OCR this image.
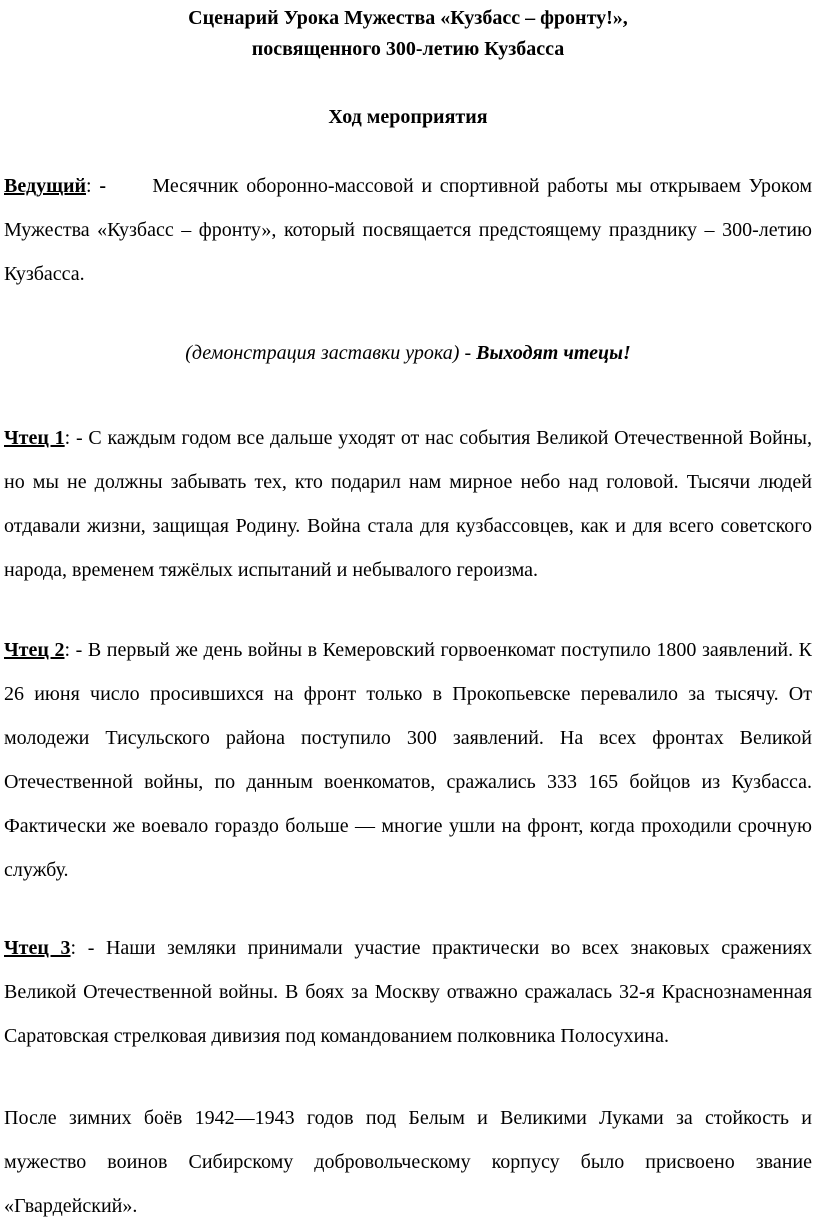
Сценарий Урока Мужества «Кузбасс – фронту!»,
посвященного 300-летию Кузбасса
Ход мероприятия

Ведущий: -      Месячник оборонно-массовой и спортивной работы мы открываем Уроком Мужества «Кузбасс – фронту», который посвящается предстоящему празднику – 300-летию Кузбасса.

(демонстрация заставки урока) - Выходят чтецы!

Чтец 1: - С каждым годом все дальше уходят от нас события Великой Отечественной Войны, но мы не должны забывать тех, кто подарил нам мирное небо над головой. Тысячи людей отдавали жизни, защищая Родину. Война стала для кузбассовцев, как и для всего советского народа, временем тяжёлых испытаний и небывалого героизма.

Чтец 2: - В первый же день войны в Кемеровский горвоенкомат поступило 1800 заявлений. К 26 июня число просившихся на фронт только в Прокопьевске перевалило за тысячу. От молодежи Тисульского района поступило 300 заявлений. На всех фронтах Великой Отечественной войны, по данным военкоматов, сражались 333 165 бойцов из Кузбасса. Фактически же воевало гораздо больше — многие ушли на фронт, когда проходили срочную службу.

Чтец 3: - Наши земляки принимали участие практически во всех знаковых сражениях Великой Отечественной войны. В боях за Москву отважно сражалась 32-я Краснознаменная Саратовская стрелковая дивизия под командованием полковника Полосухина.

После зимних боёв 1942—1943 годов под Белым и Великими Луками за стойкость и мужество воинов Сибирскому добровольческому корпусу было присвоено звание «Гвардейский».
